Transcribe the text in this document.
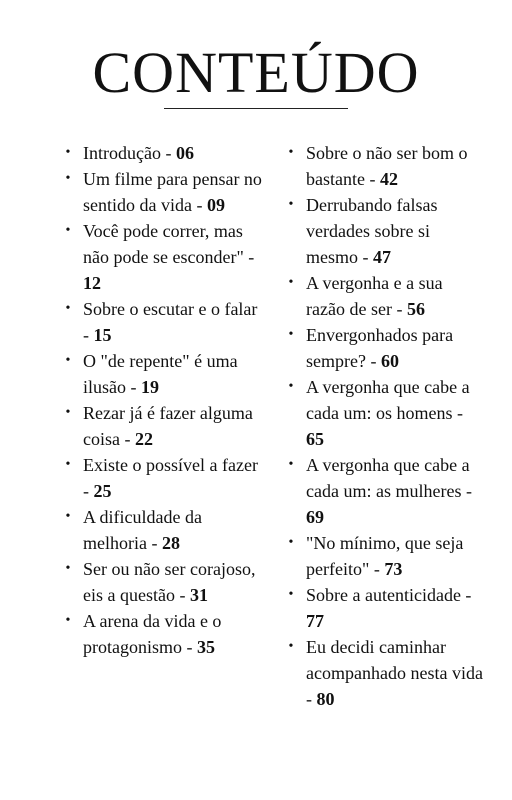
CONTEÚDO
• Introdução - 06
• Um filme para pensar no sentido da vida - 09
• Você pode correr, mas não pode se esconder" - 12
• Sobre o escutar e o falar - 15
• O "de repente" é uma ilusão - 19
• Rezar já é fazer alguma coisa - 22
• Existe o possível a fazer - 25
• A dificuldade da melhoria - 28
• Ser ou não ser corajoso, eis a questão - 31
• A arena da vida e o protagonismo - 35
• Sobre o não ser bom o bastante - 42
• Derrubando falsas verdades sobre si mesmo - 47
• A vergonha e a sua razão de ser - 56
• Envergonhados para sempre? - 60
• A vergonha que cabe a cada um: os homens - 65
• A vergonha que cabe a cada um: as mulheres - 69
• "No mínimo, que seja perfeito" - 73
• Sobre a autenticidade - 77
• Eu decidi caminhar acompanhado nesta vida - 80
